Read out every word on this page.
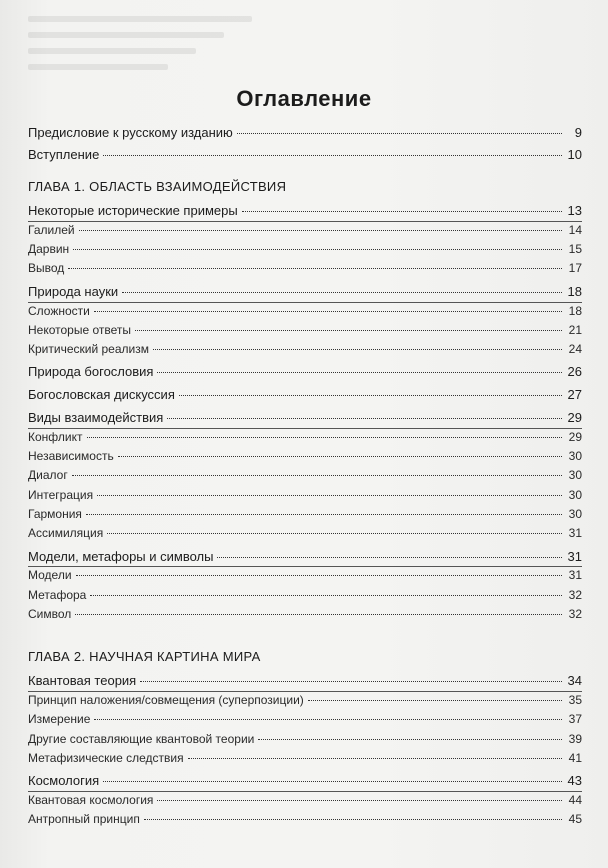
Оглавление
Предисловие к русскому изданию	9
Вступление	10
ГЛАВА 1. ОБЛАСТЬ ВЗАИМОДЕЙСТВИЯ
Некоторые исторические примеры	13
Галилей	14
Дарвин	15
Вывод	17
Природа науки	18
Сложности	18
Некоторые ответы	21
Критический реализм	24
Природа богословия	26
Богословская дискуссия	27
Виды взаимодействия	29
Конфликт	29
Независимость	30
Диалог	30
Интеграция	30
Гармония	30
Ассимиляция	31
Модели, метафоры и символы	31
Модели	31
Метафора	32
Символ	32
ГЛАВА 2. НАУЧНАЯ КАРТИНА МИРА
Квантовая теория	34
Принцип наложения/совмещения (суперпозиции)	35
Измерение	37
Другие составляющие квантовой теории	39
Метафизические следствия	41
Космология	43
Квантовая космология	44
Антропный принцип	45
